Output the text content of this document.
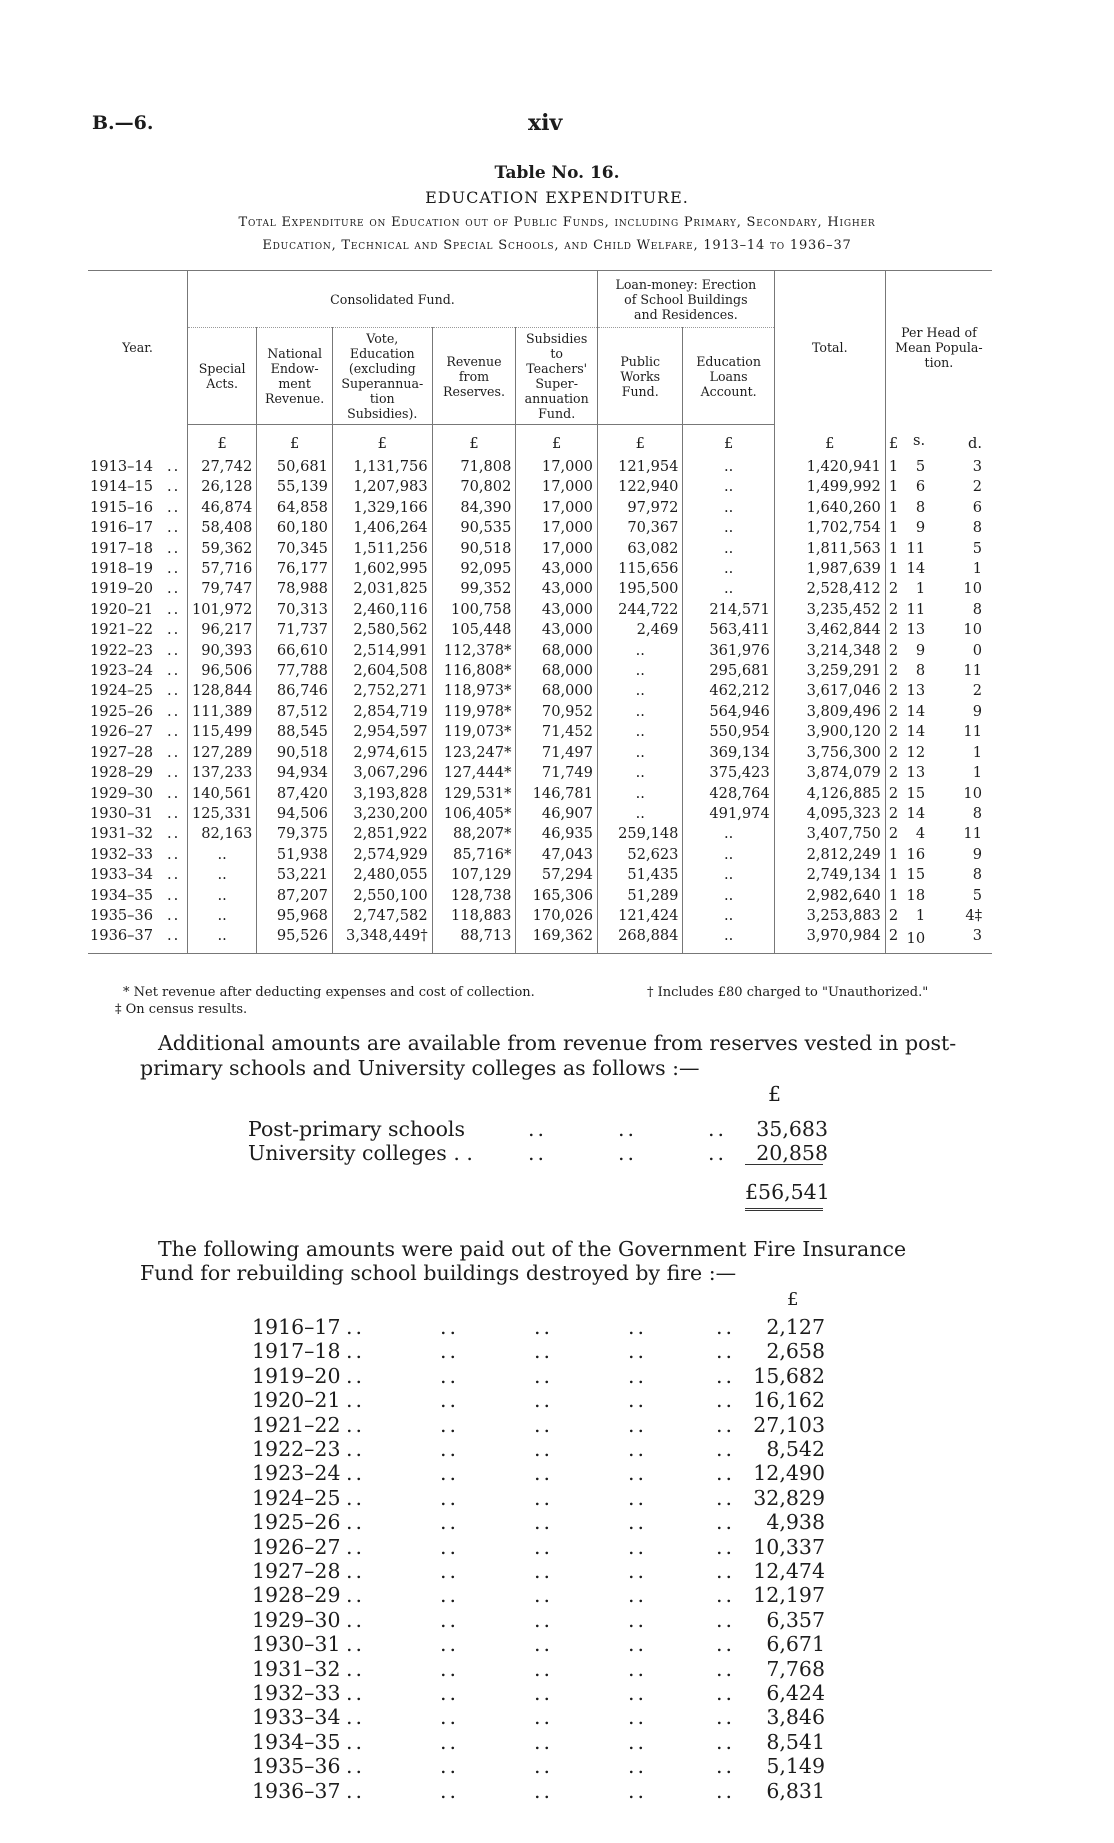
B.—6.	xiv
Table No. 16.
EDUCATION EXPENDITURE.
Total Expenditure on Education out of Public Funds, including Primary, Secondary, Higher
Education, Technical and Special Schools, and Child Welfare, 1913–14 to 1936–37
Year.	Consolidated Fund.					Loan-money: Erection of School Buildings and Residences.		Total.	Per Head of Mean Popula-tion.		
	Special Acts.	National Endow-ment Revenue.	Vote, Education (excluding Superannua-tion Subsidies).	Revenue from Reserves.	Subsidies to Teachers' Super-annuation Fund.	Public Works Fund.	Education Loans Account.				
	£	£	£	£	£	£	£	£	£	s.	d.
1913–14 ..	27,742	50,681	1,131,756	71,808	17,000	121,954	..	1,420,941	1	5	3
1914–15 ..	26,128	55,139	1,207,983	70,802	17,000	122,940	..	1,499,992	1	6	2
1915–16 ..	46,874	64,858	1,329,166	84,390	17,000	97,972	..	1,640,260	1	8	6
1916–17 ..	58,408	60,180	1,406,264	90,535	17,000	70,367	..	1,702,754	1	9	8
1917–18 ..	59,362	70,345	1,511,256	90,518	17,000	63,082	..	1,811,563	1	11	5
1918–19 ..	57,716	76,177	1,602,995	92,095	43,000	115,656	..	1,987,639	1	14	1
1919–20 ..	79,747	78,988	2,031,825	99,352	43,000	195,500	..	2,528,412	2	1	10
1920–21 ..	101,972	70,313	2,460,116	100,758	43,000	244,722	214,571	3,235,452	2	11	8
1921–22 ..	96,217	71,737	2,580,562	105,448	43,000	2,469	563,411	3,462,844	2	13	10
1922–23 ..	90,393	66,610	2,514,991	112,378*	68,000	..	361,976	3,214,348	2	9	0
1923–24 ..	96,506	77,788	2,604,508	116,808*	68,000	..	295,681	3,259,291	2	8	11
1924–25 ..	128,844	86,746	2,752,271	118,973*	68,000	..	462,212	3,617,046	2	13	2
1925–26 ..	111,389	87,512	2,854,719	119,978*	70,952	..	564,946	3,809,496	2	14	9
1926–27 ..	115,499	88,545	2,954,597	119,073*	71,452	..	550,954	3,900,120	2	14	11
1927–28 ..	127,289	90,518	2,974,615	123,247*	71,497	..	369,134	3,756,300	2	12	1
1928–29 ..	137,233	94,934	3,067,296	127,444*	71,749	..	375,423	3,874,079	2	13	1
1929–30 ..	140,561	87,420	3,193,828	129,531*	146,781	..	428,764	4,126,885	2	15	10
1930–31 ..	125,331	94,506	3,230,200	106,405*	46,907	..	491,974	4,095,323	2	14	8
1931–32 ..	82,163	79,375	2,851,922	88,207*	46,935	259,148	..	3,407,750	2	4	11
1932–33 ..	..	51,938	2,574,929	85,716*	47,043	52,623	..	2,812,249	1	16	9
1933–34 ..	..	53,221	2,480,055	107,129	57,294	51,435	..	2,749,134	1	15	8
1934–35 ..	..	87,207	2,550,100	128,738	165,306	51,289	..	2,982,640	1	18	5
1935–36 ..	..	95,968	2,747,582	118,883	170,026	121,424	..	3,253,883	2	1	4‡
1936–37 ..	..	95,526	3,348,449†	88,713	169,362	268,884	..	3,970,984	2	10	3

* Net revenue after deducting expenses and cost of collection.	† Includes £80 charged to "Unauthorized."
‡ On census results.
Additional amounts are available from revenue from reserves vested in post-
primary schools and University colleges as follows :—
£
Post-primary schools	..	..	..	35,683
University colleges . .	..	..	..	20,858
£56,541
The following amounts were paid out of the Government Fire Insurance
Fund for rebuilding school buildings destroyed by fire :—
£
1916–17 ..	..	..	..	..	2,127
1917–18 ..	..	..	..	..	2,658
1919–20 ..	..	..	..	.. 15,682
1920–21 ..	..	..	..	.. 16,162
1921–22 ..	..	..	..	.. 27,103
1922–23 ..	..	..	..	..	8,542
1923–24 ..	..	..	..	.. 12,490
1924–25 ..	..	..	..	.. 32,829
1925–26 ..	..	..	..	..	4,938
1926–27 ..	..	..	..	.. 10,337
1927–28 ..	..	..	..	.. 12,474
1928–29 ..	..	..	..	.. 12,197
1929–30 ..	..	..	..	..	6,357
1930–31 ..	..	..	..	..	6,671
1931–32 ..	..	..	..	..	7,768
1932–33 ..	..	..	..	..	6,424
1933–34 ..	..	..	..	..	3,846
1934–35 ..	..	..	..	..	8,541
1935–36 ..	..	..	..	..	5,149
1936–37 ..	..	..	..	..	6,831
